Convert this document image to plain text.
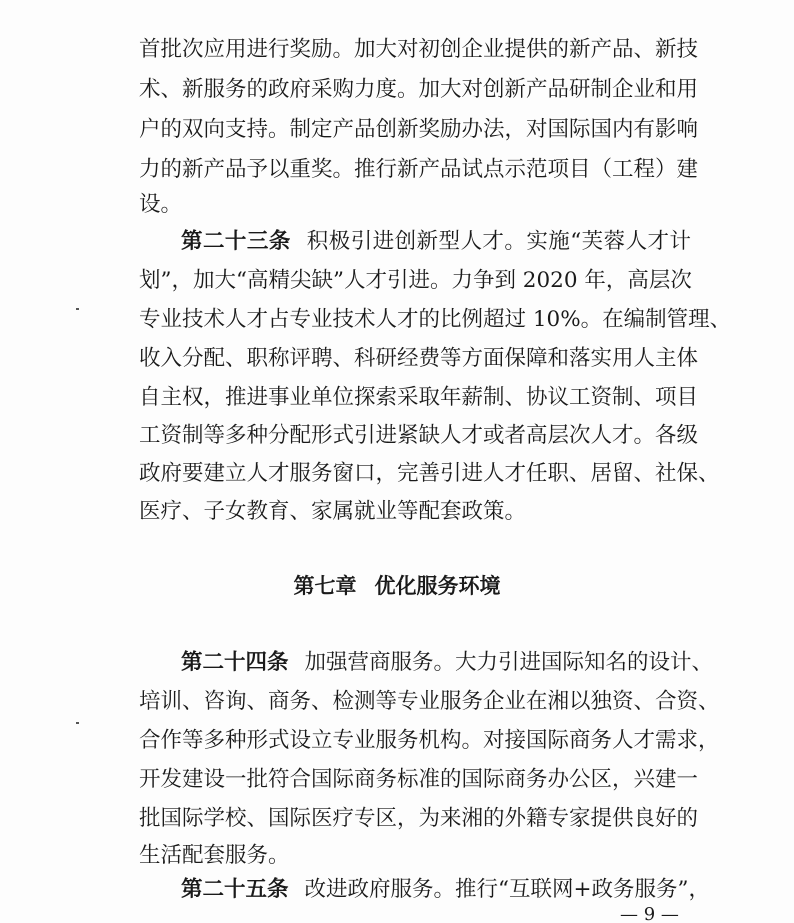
首批次应用进行奖励。加大对初创企业提供的新产品、新技
术、新服务的政府采购力度。加大对创新产品研制企业和用
户的双向支持。制定产品创新奖励办法，对国际国内有影响
力的新产品予以重奖。推行新产品试点示范项目（工程）建
设。
第二十三条 积极引进创新型人才。实施“芙蓉人才计
划”，加大“高精尖缺”人才引进。力争到 2020 年，高层次
专业技术人才占专业技术人才的比例超过 10%。在编制管理、
收入分配、职称评聘、科研经费等方面保障和落实用人主体
自主权，推进事业单位探索采取年薪制、协议工资制、项目
工资制等多种分配形式引进紧缺人才或者高层次人才。各级
政府要建立人才服务窗口，完善引进人才任职、居留、社保、
医疗、子女教育、家属就业等配套政策。
第七章 优化服务环境
第二十四条 加强营商服务。大力引进国际知名的设计、
培训、咨询、商务、检测等专业服务企业在湘以独资、合资、
合作等多种形式设立专业服务机构。对接国际商务人才需求，
开发建设一批符合国际商务标准的国际商务办公区，兴建一
批国际学校、国际医疗专区，为来湘的外籍专家提供良好的
生活配套服务。
第二十五条 改进政府服务。推行“互联网+政务服务”，
— 9 —
